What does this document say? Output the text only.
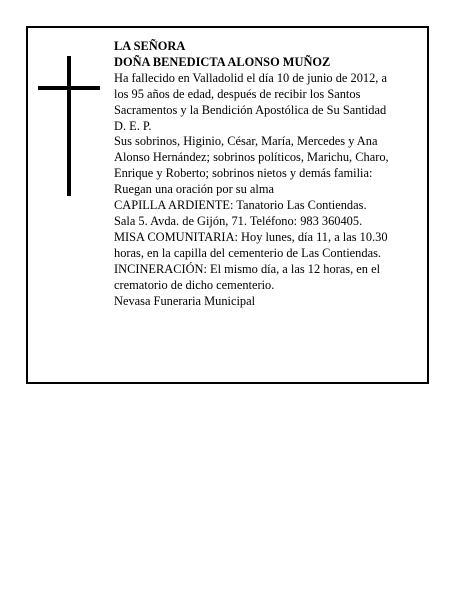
LA SEÑORA
DOÑA BENEDICTA ALONSO MUÑOZ
Ha fallecido en Valladolid el día 10 de junio de 2012, a
los 95 años de edad, después de recibir los Santos
Sacramentos y la Bendición Apostólica de Su Santidad
D. E. P.
Sus sobrinos, Higinio, César, María, Mercedes y Ana
Alonso Hernández; sobrinos políticos, Marichu, Charo,
Enrique y Roberto; sobrinos nietos y demás familia:
Ruegan una oración por su alma
CAPILLA ARDIENTE: Tanatorio Las Contiendas.
Sala 5. Avda. de Gijón, 71. Teléfono: 983 360405.
MISA COMUNITARIA: Hoy lunes, día 11, a las 10.30
horas, en la capilla del cementerio de Las Contiendas.
INCINERACIÓN: El mismo día, a las 12 horas, en el
crematorio de dicho cementerio.
Nevasa Funeraria Municipal
